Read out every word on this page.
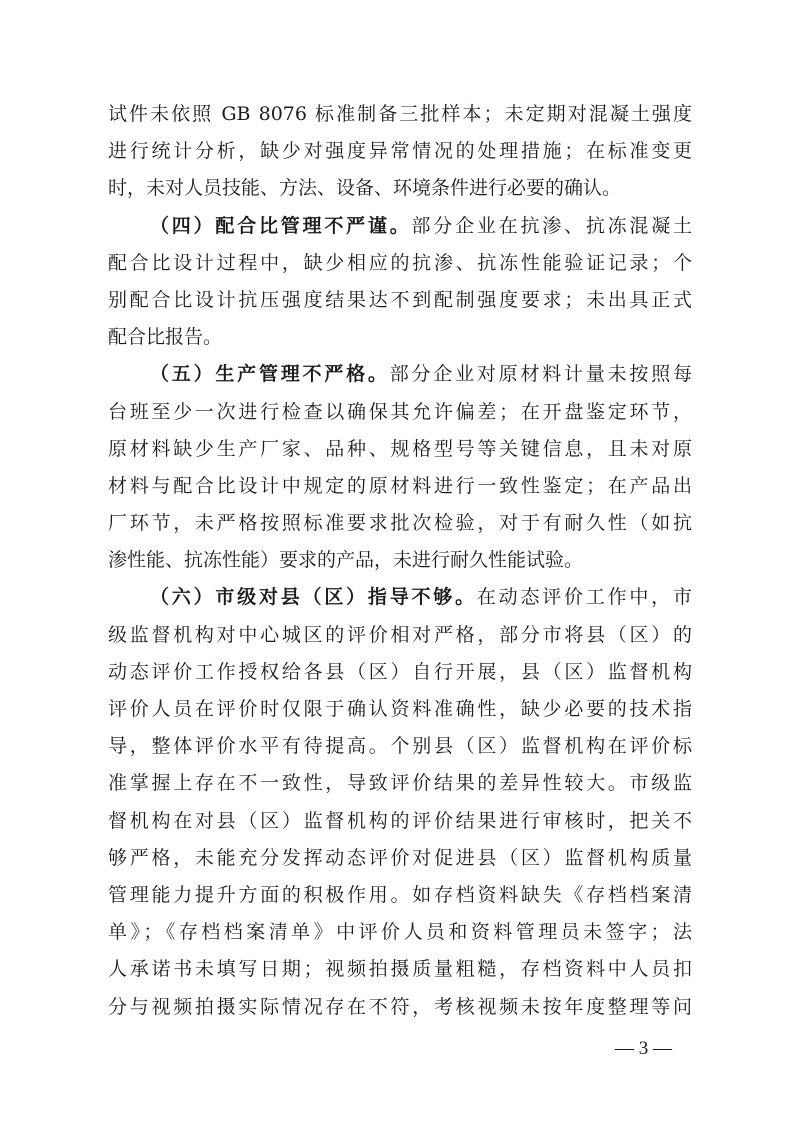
试件未依照 GB 8076 标准制备三批样本；未定期对混凝土强度
进行统计分析，缺少对强度异常情况的处理措施；在标准变更
时，未对人员技能、方法、设备、环境条件进行必要的确认。
（四）配合比管理不严谨。部分企业在抗渗、抗冻混凝土
配合比设计过程中，缺少相应的抗渗、抗冻性能验证记录；个
别配合比设计抗压强度结果达不到配制强度要求；未出具正式
配合比报告。
（五）生产管理不严格。部分企业对原材料计量未按照每
台班至少一次进行检查以确保其允许偏差；在开盘鉴定环节，
原材料缺少生产厂家、品种、规格型号等关键信息，且未对原
材料与配合比设计中规定的原材料进行一致性鉴定；在产品出
厂环节，未严格按照标准要求批次检验，对于有耐久性（如抗
渗性能、抗冻性能）要求的产品，未进行耐久性能试验。
（六）市级对县（区）指导不够。在动态评价工作中，市
级监督机构对中心城区的评价相对严格，部分市将县（区）的
动态评价工作授权给各县（区）自行开展，县（区）监督机构
评价人员在评价时仅限于确认资料准确性，缺少必要的技术指
导，整体评价水平有待提高。个别县（区）监督机构在评价标
准掌握上存在不一致性，导致评价结果的差异性较大。市级监
督机构在对县（区）监督机构的评价结果进行审核时，把关不
够严格，未能充分发挥动态评价对促进县（区）监督机构质量
管理能力提升方面的积极作用。如存档资料缺失《存档档案清
单》；《存档档案清单》中评价人员和资料管理员未签字；法
人承诺书未填写日期；视频拍摄质量粗糙，存档资料中人员扣
分与视频拍摄实际情况存在不符，考核视频未按年度整理等问
— 3 —
